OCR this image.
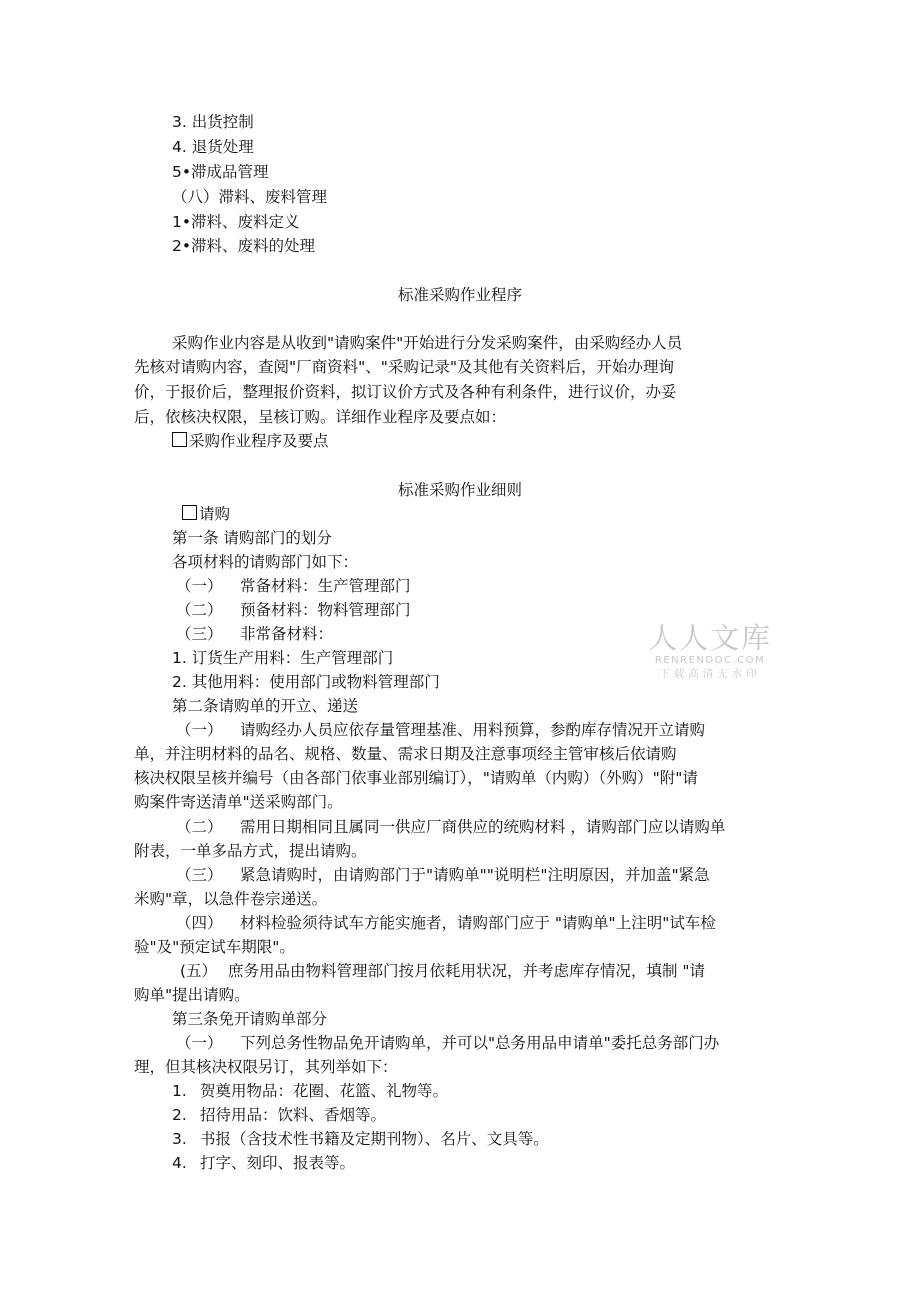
3. 出货控制
4. 退货处理
5•滞成品管理
（八）滞料、废料管理
1•滞料、废料定义
2•滞料、废料的处理
标准采购作业程序
采购作业内容是从收到"请购案件"开始进行分发采购案件，由采购经办人员
先核对请购内容，查阅"厂商资料"、"采购记录"及其他有关资料后，开始办理询
价，于报价后，整理报价资料，拟订议价方式及各种有利条件，进行议价，办妥
后，依核决权限，呈核订购。详细作业程序及要点如：
采购作业程序及要点
标准采购作业细则
请购
第一条 请购部门的划分
各项材料的请购部门如下：
（一） 常备材料：生产管理部门
（二） 预备材料：物料管理部门
（三） 非常备材料：
1. 订货生产用料：生产管理部门
2. 其他用料：使用部门或物料管理部门
第二条请购单的开立、递送
（一） 请购经办人员应依存量管理基准、用料预算，参酌库存情况开立请购
单，并注明材料的品名、规格、数量、需求日期及注意事项经主管审核后依请购
核决权限呈核并编号（由各部门依事业部别编订），"请购单（内购）（外购）"附"请
购案件寄送清单"送采购部门。
（二） 需用日期相同且属同一供应厂商供应的统购材料 ，请购部门应以请购单
附表，一单多品方式，提出请购。
（三） 紧急请购时，由请购部门于"请购单""说明栏"注明原因，并加盖"紧急
米购"章，以急件卷宗递送。
（四） 材料检验须待试车方能实施者，请购部门应于 "请购单"上注明"试车检
验"及"预定试车期限"。
(五） 庶务用品由物料管理部门按月依耗用状况，并考虑库存情况，填制 "请
购单"提出请购。
第三条免开请购单部分
（一） 下列总务性物品免开请购单，并可以"总务用品申请单"委托总务部门办
理，但其核决权限另订，其列举如下：
1. 贺奠用物品：花圈、花篮、礼物等。
2. 招待用品：饮料、香烟等。
3. 书报（含技术性书籍及定期刊物）、名片、文具等。
4. 打字、刻印、报表等。
人人文库
RENRENDOC.COM
下载高清无水印
